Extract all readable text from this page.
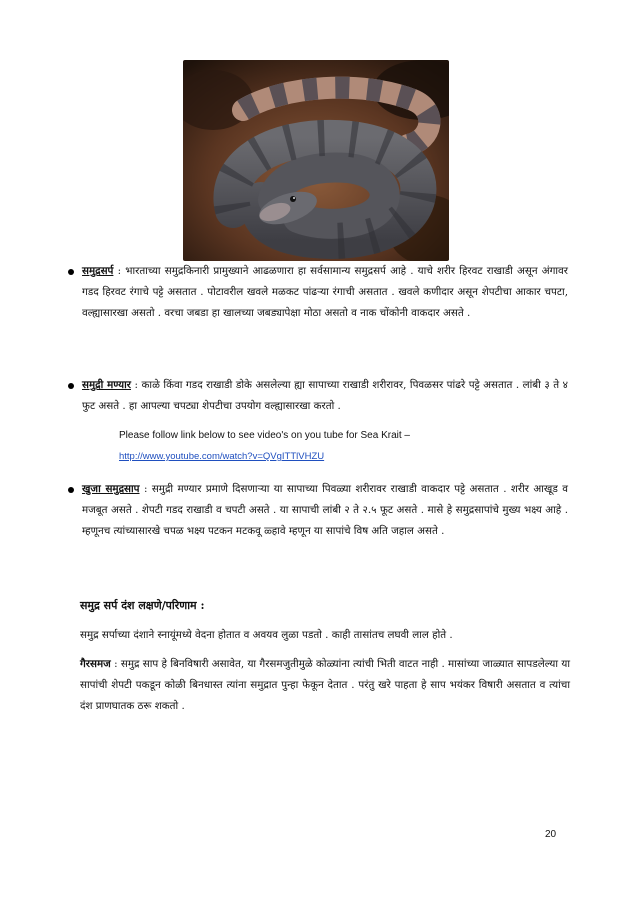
समुद्रसर्प : भारताच्या समुद्रकिनारी प्रामुख्याने आढळणारा हा सर्वसामान्य समुद्रसर्प आहे . याचे शरीर हिरवट राखाडी असून अंगावर गडद हिरवट रंगाचे पट्टे असतात . पोटावरील खवले मळकट पांढऱ्या रंगाची असतात . खवले कणीदार असून शेपटीचा आकार चपटा, वल्ह्यासारखा असतो . वरचा जबडा हा खालच्या जबड्यापेक्षा मोठा असतो व नाक चोंकोनी वाकदार असते .
समुद्री मण्यार : काळे किंवा गडद राखाडी डोके असलेल्या ह्या सापाच्या राखाडी शरीरावर, पिवळसर पांढरे पट्टे असतात . लांबी ३ ते ४ फुट असते . हा आपल्या चपट्या शेपटीचा उपयोग वल्ह्यासारखा करतो .
Please follow link below to see video's on you tube for Sea Krait –
http://www.youtube.com/watch?v=QVgITTlVHZU
खुजा समुद्रसाप : समुद्री मण्यार प्रमाणे दिसणाऱ्या या सापाच्या पिवळ्या शरीरावर राखाडी वाकदार पट्टे असतात . शरीर आखूड व मजबूत असते . शेपटी गडद राखाडी व चपटी असते . या सापाची लांबी २ ते २.५ फूट असते . मासे हे समुद्रसापांचे मुख्य भक्ष्य आहे . म्हणूनच त्यांच्यासारखे चपळ भक्ष्य पटकन मटकवू ळ्हावे म्हणून या सापांचे विष अति जहाल असते .
समुद्र सर्प दंश लक्षणे/परिणाम :
समुद्र सर्पाच्या दंशाने स्नायूंमध्ये वेदना होतात व अवयव लुळा पडतो . काही तासांतच लघवी लाल होते .
गैरसमज : समुद्र साप हे बिनविषारी असावेत, या गैरसमजुतीमुळे कोळ्यांना त्यांची भिती वाटत नाही . मासांच्या जाळ्यात सापडलेल्या या सापांची शेपटी पकडून कोळी बिनधास्त त्यांना समुद्रात पुन्हा फेकून देतात . परंतु खरे पाहता हे साप भयंकर विषारी असतात व त्यांचा दंश प्राणघातक ठरू शकतो .
20
